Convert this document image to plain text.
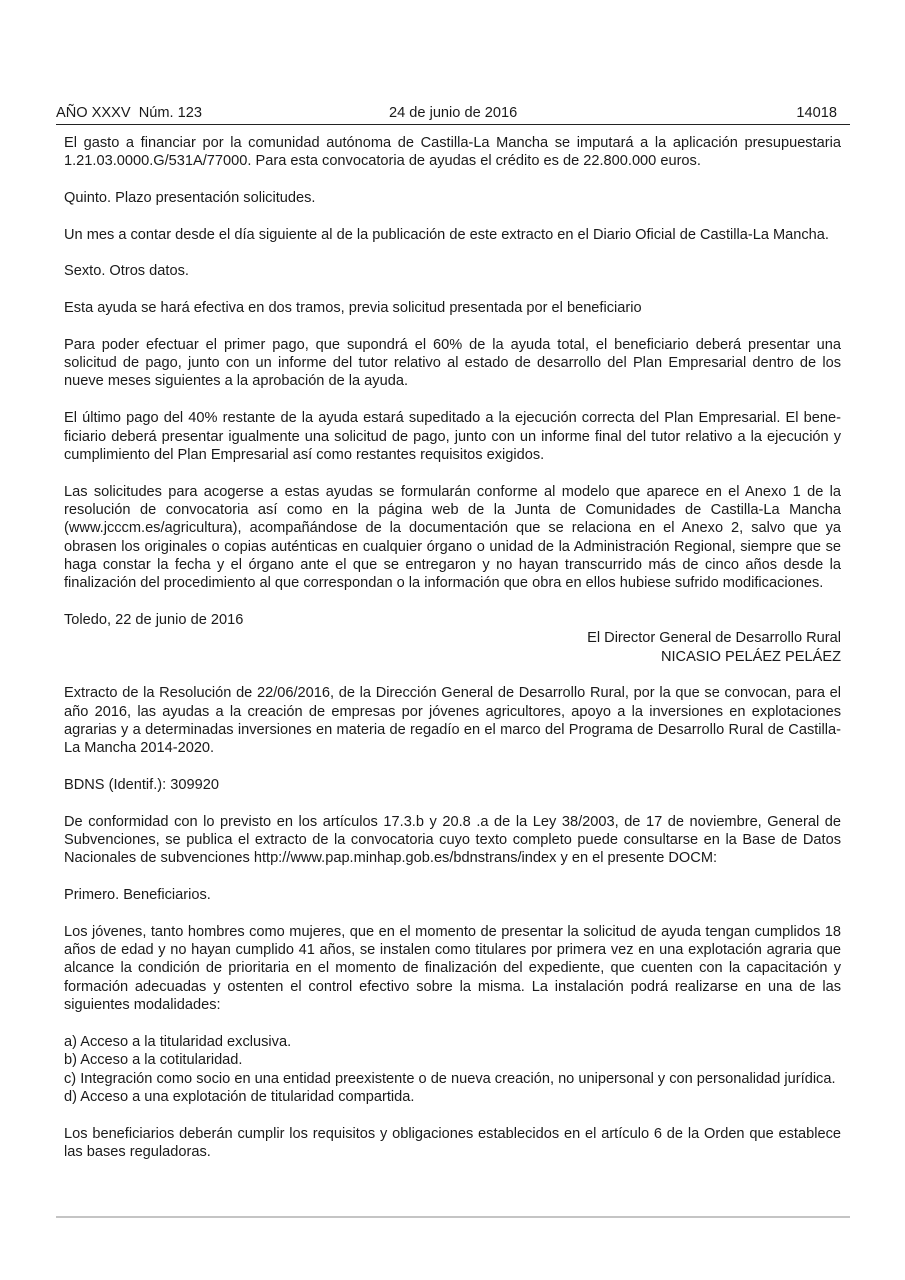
AÑO XXXV  Núm. 123	24 de junio de 2016	14018

El gasto a financiar por la comunidad autónoma de Castilla-La Mancha se imputará a la aplicación presupuestaria 1.21.03.0000.G/531A/77000. Para esta convocatoria de ayudas el crédito es de 22.800.000 euros.

Quinto. Plazo presentación solicitudes.

Un mes a contar desde el día siguiente al de la publicación de este extracto en el Diario Oficial de Castilla-La Mancha.

Sexto. Otros datos.

Esta ayuda se hará efectiva en dos tramos, previa solicitud presentada por el beneficiario

Para poder efectuar el primer pago, que supondrá el 60% de la ayuda total, el beneficiario deberá presentar una solicitud de pago, junto con un informe del tutor relativo al estado de desarrollo del Plan Empresarial dentro de los nueve meses siguientes a la aprobación de la ayuda.

El último pago del 40% restante de la ayuda estará supeditado a la ejecución correcta del Plan Empresarial. El beneficiario deberá presentar igualmente una solicitud de pago, junto con un informe final del tutor relativo a la ejecución y cumplimiento del Plan Empresarial así como restantes requisitos exigidos.

Las solicitudes para acogerse a estas ayudas se formularán conforme al modelo que aparece en el Anexo 1 de la resolución de convocatoria así como en la página web de la Junta de Comunidades de Castilla-La Mancha (www.jcccm.es/agricultura), acompañándose de la documentación que se relaciona en el Anexo 2, salvo que ya obrasen los originales o copias auténticas en cualquier órgano o unidad de la Administración Regional, siempre que se haga constar la fecha y el órgano ante el que se entregaron y no hayan transcurrido más de cinco años desde la finalización del procedimiento al que correspondan o la información que obra en ellos hubiese sufrido modificaciones.

Toledo, 22 de junio de 2016

El Director General de Desarrollo Rural
NICASIO PELÁEZ PELÁEZ

Extracto de la Resolución de 22/06/2016, de la Dirección General de Desarrollo Rural, por la que se convocan, para el año 2016, las ayudas a la creación de empresas por jóvenes agricultores, apoyo a la inversiones en explotaciones agrarias y a determinadas inversiones en materia de regadío en el marco del Programa de Desarrollo Rural de Castilla-La Mancha 2014-2020.

BDNS (Identif.): 309920

De conformidad con lo previsto en los artículos 17.3.b y 20.8 .a de la Ley 38/2003, de 17 de noviembre, General de Subvenciones, se publica el extracto de la convocatoria cuyo texto completo puede consultarse en la Base de Datos Nacionales de subvenciones http://www.pap.minhap.gob.es/bdnstrans/index y en el presente DOCM:

Primero. Beneficiarios.

Los jóvenes, tanto hombres como mujeres, que en el momento de presentar la solicitud de ayuda tengan cumplidos 18 años de edad y no hayan cumplido 41 años, se instalen como titulares por primera vez en una explotación agraria que alcance la condición de prioritaria en el momento de finalización del expediente, que cuenten con la capacitación y formación adecuadas y ostenten el control efectivo sobre la misma. La instalación podrá realizarse en una de las siguientes modalidades:

a) Acceso a la titularidad exclusiva.
b) Acceso a la cotitularidad.
c) Integración como socio en una entidad preexistente o de nueva creación, no unipersonal y con personalidad jurídica.
d) Acceso a una explotación de titularidad compartida.

Los beneficiarios deberán cumplir los requisitos y obligaciones establecidos en el artículo 6 de la Orden que establece las bases reguladoras.
